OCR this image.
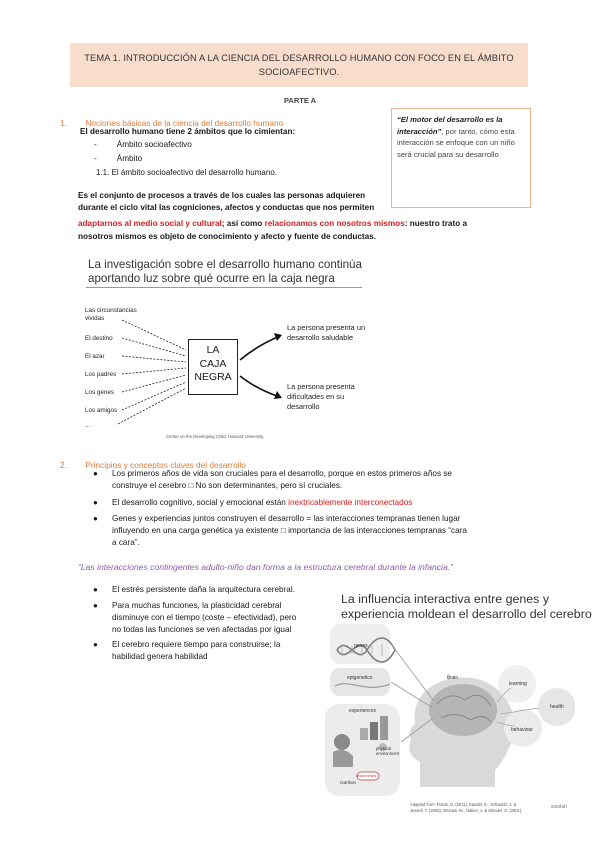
TEMA 1. INTRODUCCIÓN A LA CIENCIA DEL DESARROLLO HUMANO CON FOCO EN EL ÁMBITO
SOCIOAFECTIVO.
PARTE A
1. Nociones básicas de la ciencia del desarrollo humano
El desarrollo humano tiene 2 ámbitos que lo cimientan:
- Ámbito socioafectivo
- Ámbito
1.1. El ámbito socioafectivo del desarrollo humano.
Es el conjunto de procesos a través de los cuales las personas adquieren
durante el ciclo vital las cogniciones, afectos y conductas que nos permiten
adaptarnos al medio social y cultural; así como relacionamos con nosotros mismos: nuestro trato a
nosotros mismos es objeto de conocimiento y afecto y fuente de conductas.
“El motor del desarrollo es la interacción”, por tanto, cómo esta interacción se enfoque con un niño será crucial para su desarrollo
La investigación sobre el desarrollo humano continúa
aportando luz sobre qué ocurre en la caja negra
Las circunstancias vividas
El destino
El azar
Los padres
Los genes
Los amigos
...
LA
CAJA
NEGRA
La persona presenta un desarrollo saludable
La persona presenta dificultades en su desarrollo
Center on the Developing Child, Harvard University
2. Principios y conceptos claves del desarrollo
● Los primeros años de vida son cruciales para el desarrollo, porque en estos primeros años se
construye el cerebro □ No son determinantes, pero sí cruciales.
● El desarrollo cognitivo, social y emocional están inextricablemente interconectados
● Genes y experiencias juntos construyen el desarrollo = las interacciones tempranas tienen lugar
influyendo en una carga genética ya existente □ importancia de las interacciones tempranas “cara
a cara”.
“Las interacciones contingentes adulto-niño dan forma a la estructura cerebral durante la infancia.”
● El estrés persistente daña la arquitectura cerebral.
● Para muchas funciones, la plasticidad cerebral
disminuye con el tiempo (coste – efectividad), pero
no todas las funciones se ven afectadas por igual
● El cerebro requiere tiempo para construirse; la
habilidad genera habilidad
La influencia interactiva entre genes y
experiencia moldean el desarrollo del cerebro
genes
epigenetics
experiences
brain
learning
health
behaviour
physical environment
nutrition
relationships
Adapted from: Fields, D. (2011); Kandel, E., Schwartz, J. &
Jessell, T. (2000); McGaw, M., Nation, J. & Shinder, S. (2001).
wuolah
